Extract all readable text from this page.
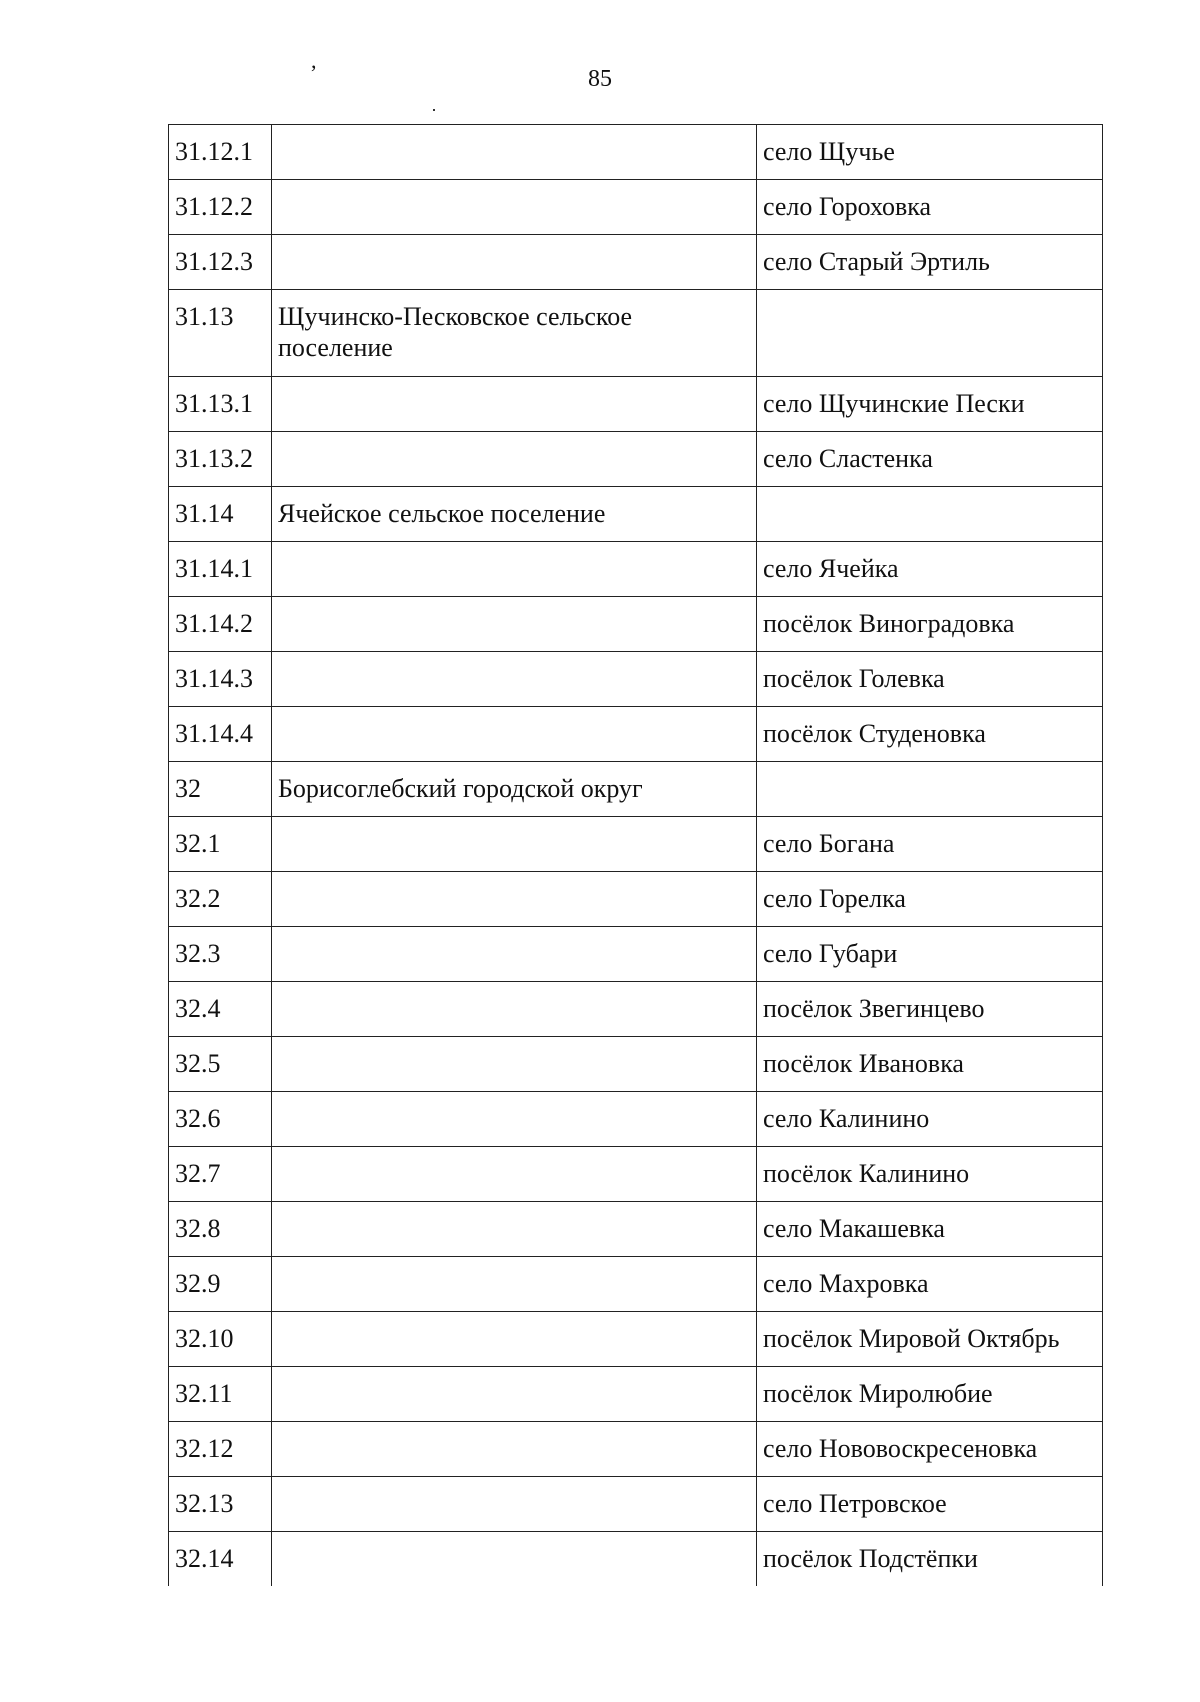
,
85
31.12.1		село Щучье
31.12.2		село Гороховка
31.12.3		село Старый Эртиль
31.13	Щучинско-Песковское сельское поселение	
31.13.1		село Щучинские Пески
31.13.2		село Сластенка
31.14	Ячейское сельское поселение	
31.14.1		село Ячейка
31.14.2		посёлок Виноградовка
31.14.3		посёлок Голевка
31.14.4		посёлок Студеновка
32	Борисоглебский городской округ	
32.1		село Богана
32.2		село Горелка
32.3		село Губари
32.4		посёлок Звегинцево
32.5		посёлок Ивановка
32.6		село Калинино
32.7		посёлок Калинино
32.8		село Макашевка
32.9		село Махровка
32.10		посёлок Мировой Октябрь
32.11		посёлок Миролюбие
32.12		село Нововоскресеновка
32.13		село Петровское
32.14		посёлок Подстёпки
